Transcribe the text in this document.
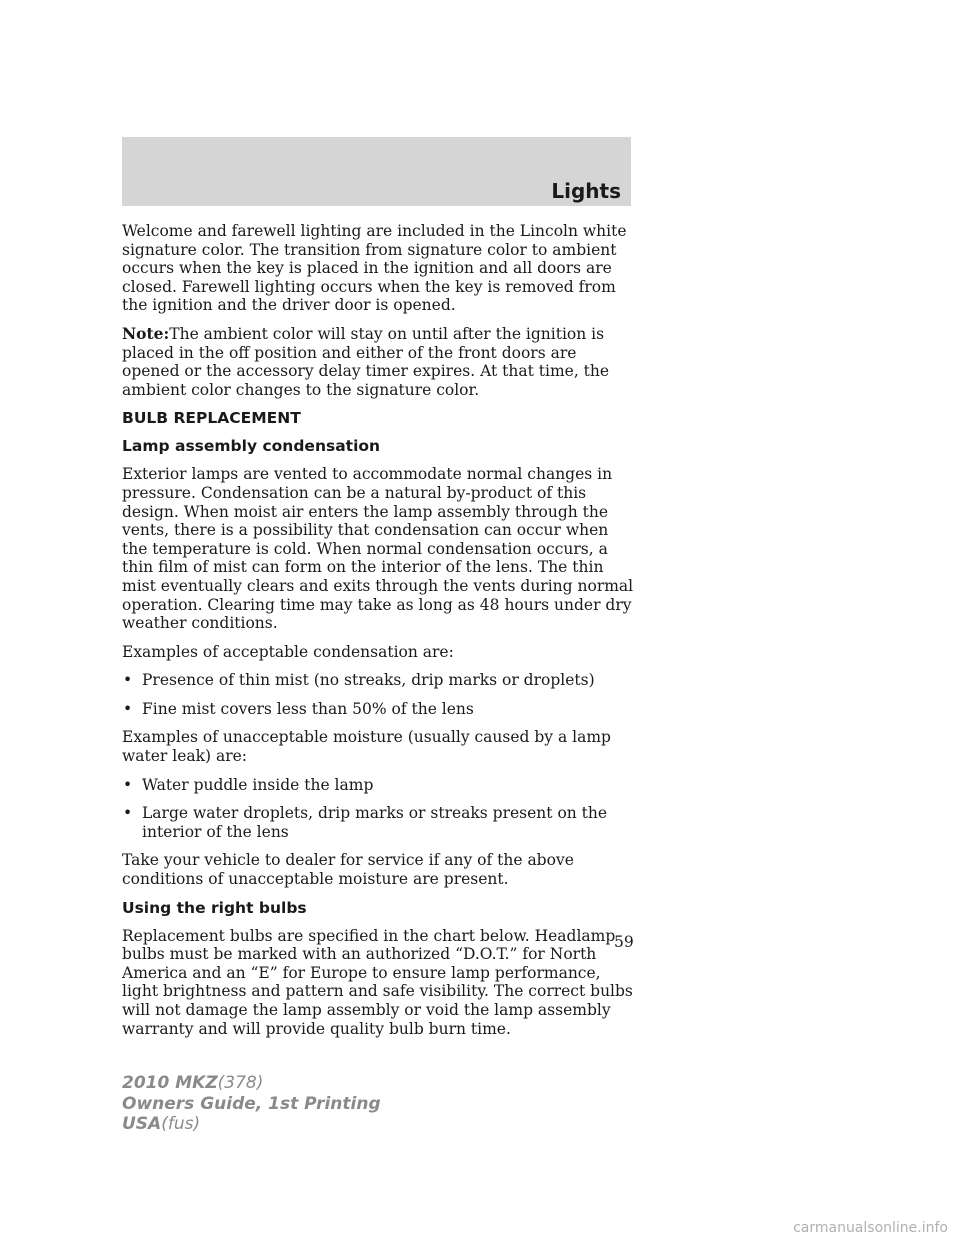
Lights

Welcome and farewell lighting are included in the Lincoln white signature color. The transition from signature color to ambient occurs when the key is placed in the ignition and all doors are closed. Farewell lighting occurs when the key is removed from the ignition and the driver door is opened.

Note:The ambient color will stay on until after the ignition is placed in the off position and either of the front doors are opened or the accessory delay timer expires. At that time, the ambient color changes to the signature color.

BULB REPLACEMENT
Lamp assembly condensation

Exterior lamps are vented to accommodate normal changes in pressure. Condensation can be a natural by-product of this design. When moist air enters the lamp assembly through the vents, there is a possibility that condensation can occur when the temperature is cold. When normal condensation occurs, a thin film of mist can form on the interior of the lens. The thin mist eventually clears and exits through the vents during normal operation. Clearing time may take as long as 48 hours under dry weather conditions.

Examples of acceptable condensation are:

• Presence of thin mist (no streaks, drip marks or droplets)
• Fine mist covers less than 50% of the lens

Examples of unacceptable moisture (usually caused by a lamp water leak) are:

• Water puddle inside the lamp
• Large water droplets, drip marks or streaks present on the interior of the lens

Take your vehicle to dealer for service if any of the above conditions of unacceptable moisture are present.

Using the right bulbs

Replacement bulbs are specified in the chart below. Headlamp bulbs must be marked with an authorized “D.O.T.” for North America and an “E” for Europe to ensure lamp performance, light brightness and pattern and safe visibility. The correct bulbs will not damage the lamp assembly or void the lamp assembly warranty and will provide quality bulb burn time.

59
2010 MKZ(378)
Owners Guide, 1st Printing
USA(fus)
carmanualsonline.info
